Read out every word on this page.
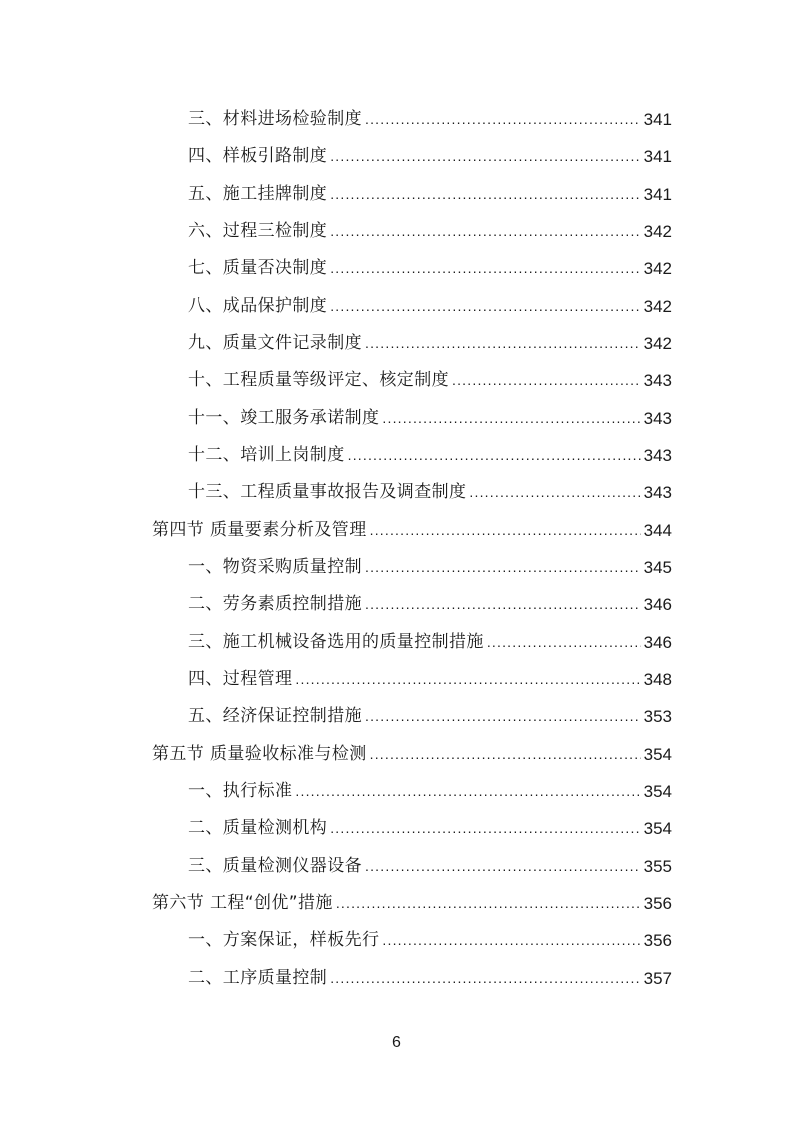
三、材料进场检验制度 .....	341
四、样板引路制度 .....	341
五、施工挂牌制度 .....	341
六、过程三检制度 .....	342
七、质量否决制度 .....	342
八、成品保护制度 .....	342
九、质量文件记录制度 .....	342
十、工程质量等级评定、核定制度 .....	343
十一、竣工服务承诺制度 .....	343
十二、培训上岗制度 .....	343
十三、工程质量事故报告及调查制度 .....	343
第四节 质量要素分析及管理 .....	344
一、物资采购质量控制 .....	345
二、劳务素质控制措施 .....	346
三、施工机械设备选用的质量控制措施 .....	346
四、过程管理 .....	348
五、经济保证控制措施 .....	353
第五节 质量验收标准与检测 .....	354
一、执行标准 .....	354
二、质量检测机构 .....	354
三、质量检测仪器设备 .....	355
第六节 工程“创优”措施 .....	356
一、方案保证，样板先行 .....	356
二、工序质量控制 .....	357
6
